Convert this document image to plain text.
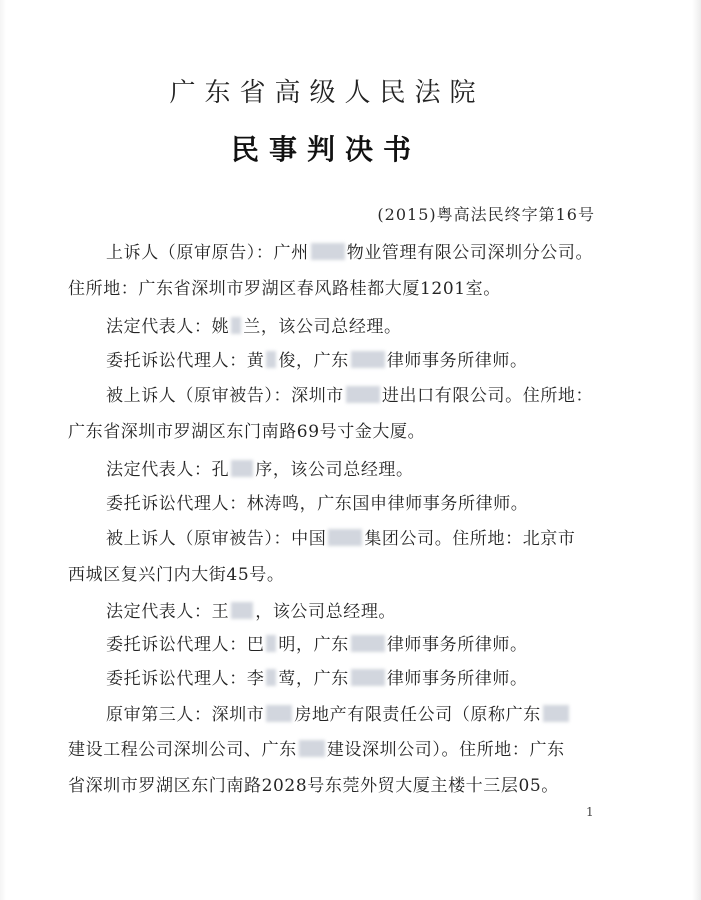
广东省高级人民法院
民事判决书
(2015)粤高法民终字第16号
上诉人（原审原告）：广州 物业管理有限公司深圳分公司。
住所地：广东省深圳市罗湖区春风路桂都大厦1201室。
法定代表人：姚 兰，该公司总经理。
委托诉讼代理人：黄 俊，广东 律师事务所律师。
被上诉人（原审被告）：深圳市 进出口有限公司。住所地：
广东省深圳市罗湖区东门南路69号寸金大厦。
法定代表人：孔 序，该公司总经理。
委托诉讼代理人：林涛鸣，广东国申律师事务所律师。
被上诉人（原审被告）：中国 集团公司。住所地：北京市
西城区复兴门内大街45号。
法定代表人：王 ，该公司总经理。
委托诉讼代理人：巴 明，广东 律师事务所律师。
委托诉讼代理人：李 莺，广东 律师事务所律师。
原审第三人：深圳市 房地产有限责任公司（原称广东
建设工程公司深圳公司、广东 建设深圳公司）。住所地：广东
省深圳市罗湖区东门南路2028号东莞外贸大厦主楼十三层05。
1
